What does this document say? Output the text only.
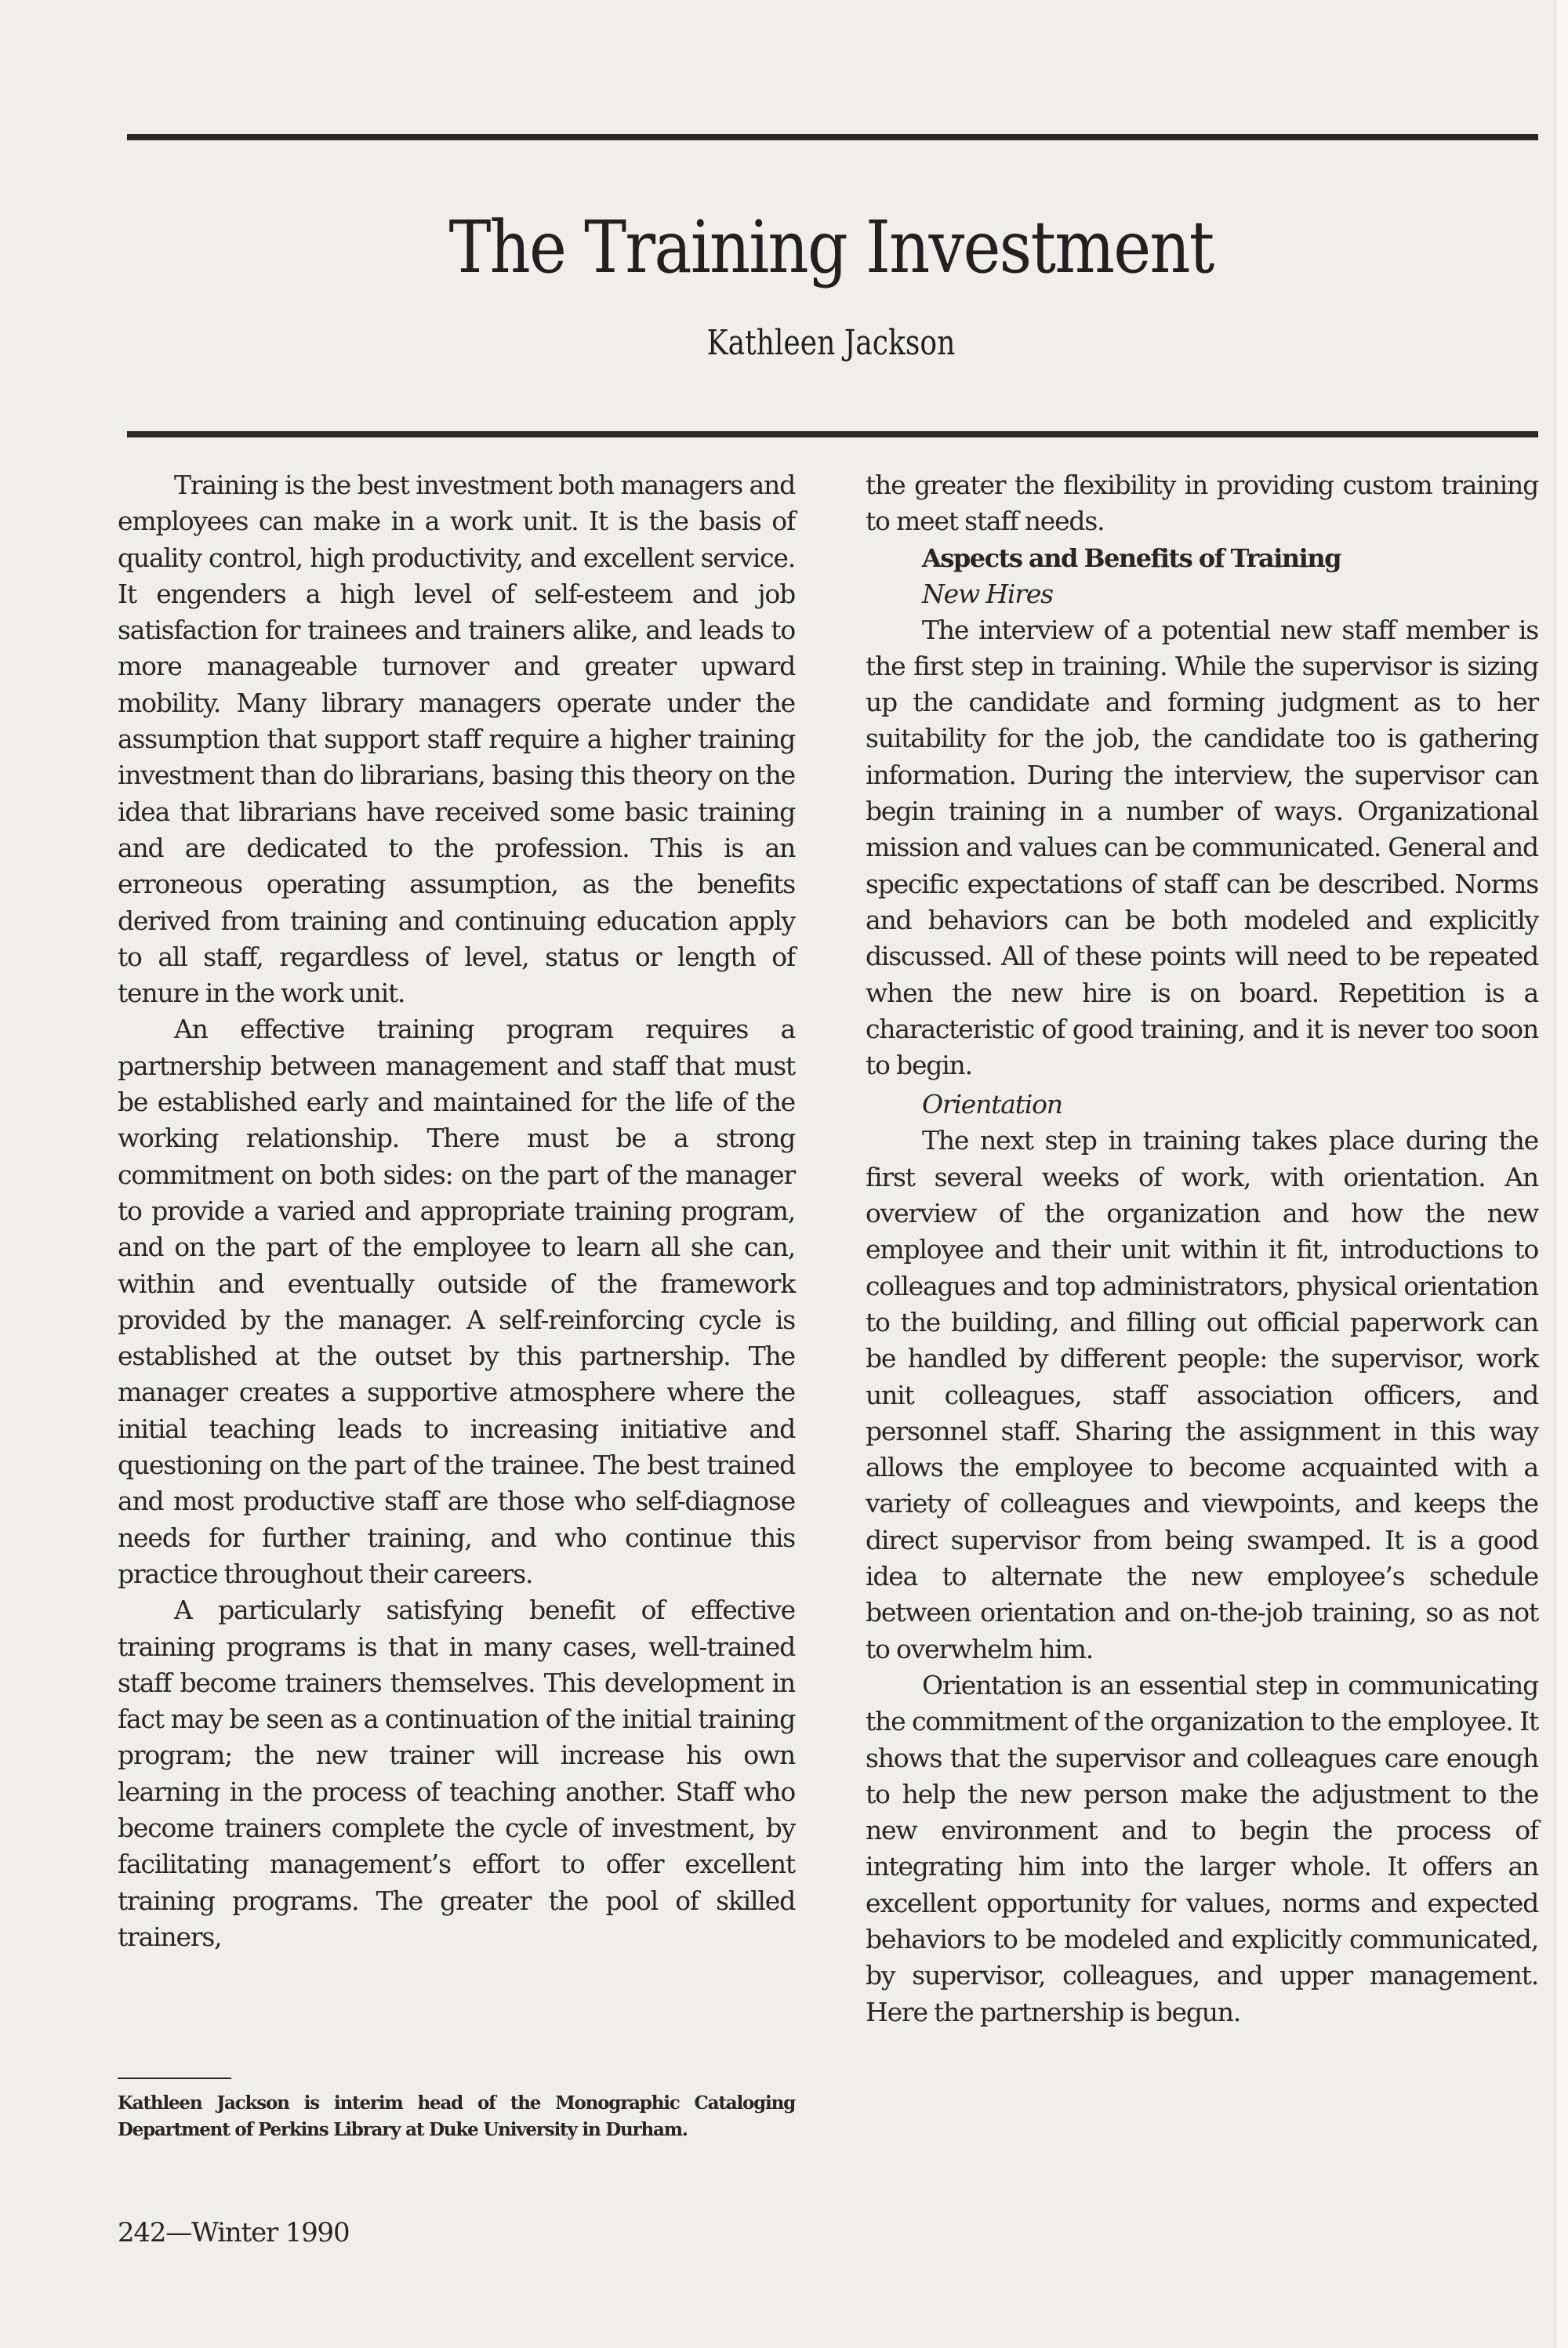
The Training Investment
Kathleen Jackson

Training is the best investment both managers and employees can make in a work unit. It is the basis of quality control, high productivity, and excellent service. It engenders a high level of self-esteem and job satisfaction for trainees and trainers alike, and leads to more manageable turnover and greater upward mobility. Many library managers operate under the assumption that support staff require a higher training investment than do librarians, basing this theory on the idea that librarians have received some basic training and are dedicated to the profession. This is an erroneous operating assumption, as the benefits derived from training and continuing education apply to all staff, regardless of level, status or length of tenure in the work unit.

An effective training program requires a partnership between management and staff that must be established early and maintained for the life of the working relationship. There must be a strong commitment on both sides: on the part of the manager to provide a varied and appropriate training program, and on the part of the employee to learn all she can, within and eventually outside of the framework provided by the manager. A self-reinforcing cycle is established at the outset by this partnership. The manager creates a supportive atmosphere where the initial teaching leads to increasing initiative and questioning on the part of the trainee. The best trained and most productive staff are those who self-diagnose needs for further training, and who continue this practice throughout their careers.

A particularly satisfying benefit of effective training programs is that in many cases, well-trained staff become trainers themselves. This development in fact may be seen as a continuation of the initial training program; the new trainer will increase his own learning in the process of teaching another. Staff who become trainers complete the cycle of investment, by facilitating management’s effort to offer excellent training programs. The greater the pool of skilled trainers,

the greater the flexibility in providing custom training to meet staff needs.

Aspects and Benefits of Training

New Hires

The interview of a potential new staff member is the first step in training. While the supervisor is sizing up the candidate and forming judgment as to her suitability for the job, the candidate too is gathering information. During the interview, the supervisor can begin training in a number of ways. Organizational mission and values can be communicated. General and specific expectations of staff can be described. Norms and behaviors can be both modeled and explicitly discussed. All of these points will need to be repeated when the new hire is on board. Repetition is a characteristic of good training, and it is never too soon to begin.

Orientation

The next step in training takes place during the first several weeks of work, with orientation. An overview of the organization and how the new employee and their unit within it fit, introductions to colleagues and top administrators, physical orientation to the building, and filling out official paperwork can be handled by different people: the supervisor, work unit colleagues, staff association officers, and personnel staff. Sharing the assignment in this way allows the employee to become acquainted with a variety of colleagues and viewpoints, and keeps the direct supervisor from being swamped. It is a good idea to alternate the new employee’s schedule between orientation and on-the-job training, so as not to overwhelm him.

Orientation is an essential step in communicating the commitment of the organization to the employee. It shows that the supervisor and colleagues care enough to help the new person make the adjustment to the new environment and to begin the process of integrating him into the larger whole. It offers an excellent opportunity for values, norms and expected behaviors to be modeled and explicitly communicated, by supervisor, colleagues, and upper management. Here the partnership is begun.

Kathleen Jackson is interim head of the Monographic Cataloging Department of Perkins Library at Duke University in Durham.

242—Winter 1990
